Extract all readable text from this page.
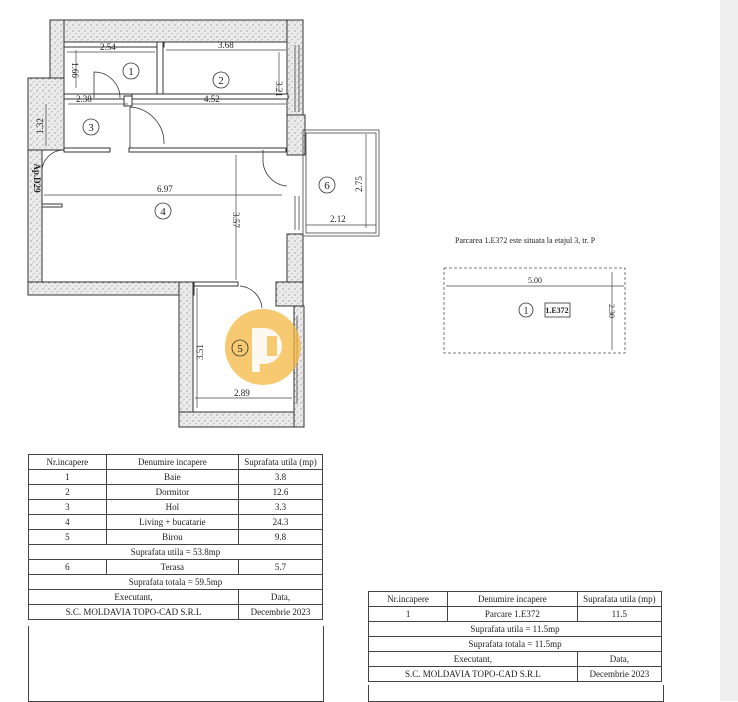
2.54	3.68
1.66
2.38	4.52
3.21
1.32
6.97
3.57
2.75
2.12
3.51
2.89
Ap.D29
1
2
3
4
6
5
5.00
2.30
1 1.E372
Parcarea 1.E372 este situata la etajul 3, tr. P
Nr.incapere	Denumire incapere	Suprafata utila (mp)
1	Baie	3.8
2	Dormitor	12.6
3	Hol	3.3
4	Living + bucatarie	24.3
5	Birou	9.8
Suprafata utila = 53.8mp		
6	Terasa	5.7
Suprafata totala = 59.5mp		
Executant,		Data,
S.C. MOLDAVIA TOPO-CAD S.R.L		Decembrie 2023
Nr.incapere	Denumire incapere	Suprafata utila (mp)
1	Parcare 1.E372	11.5
Suprafata utila = 11.5mp		
Suprafata totala = 11.5mp		
Executant,		Data,
S.C. MOLDAVIA TOPO-CAD S.R.L		Decembrie 2023
